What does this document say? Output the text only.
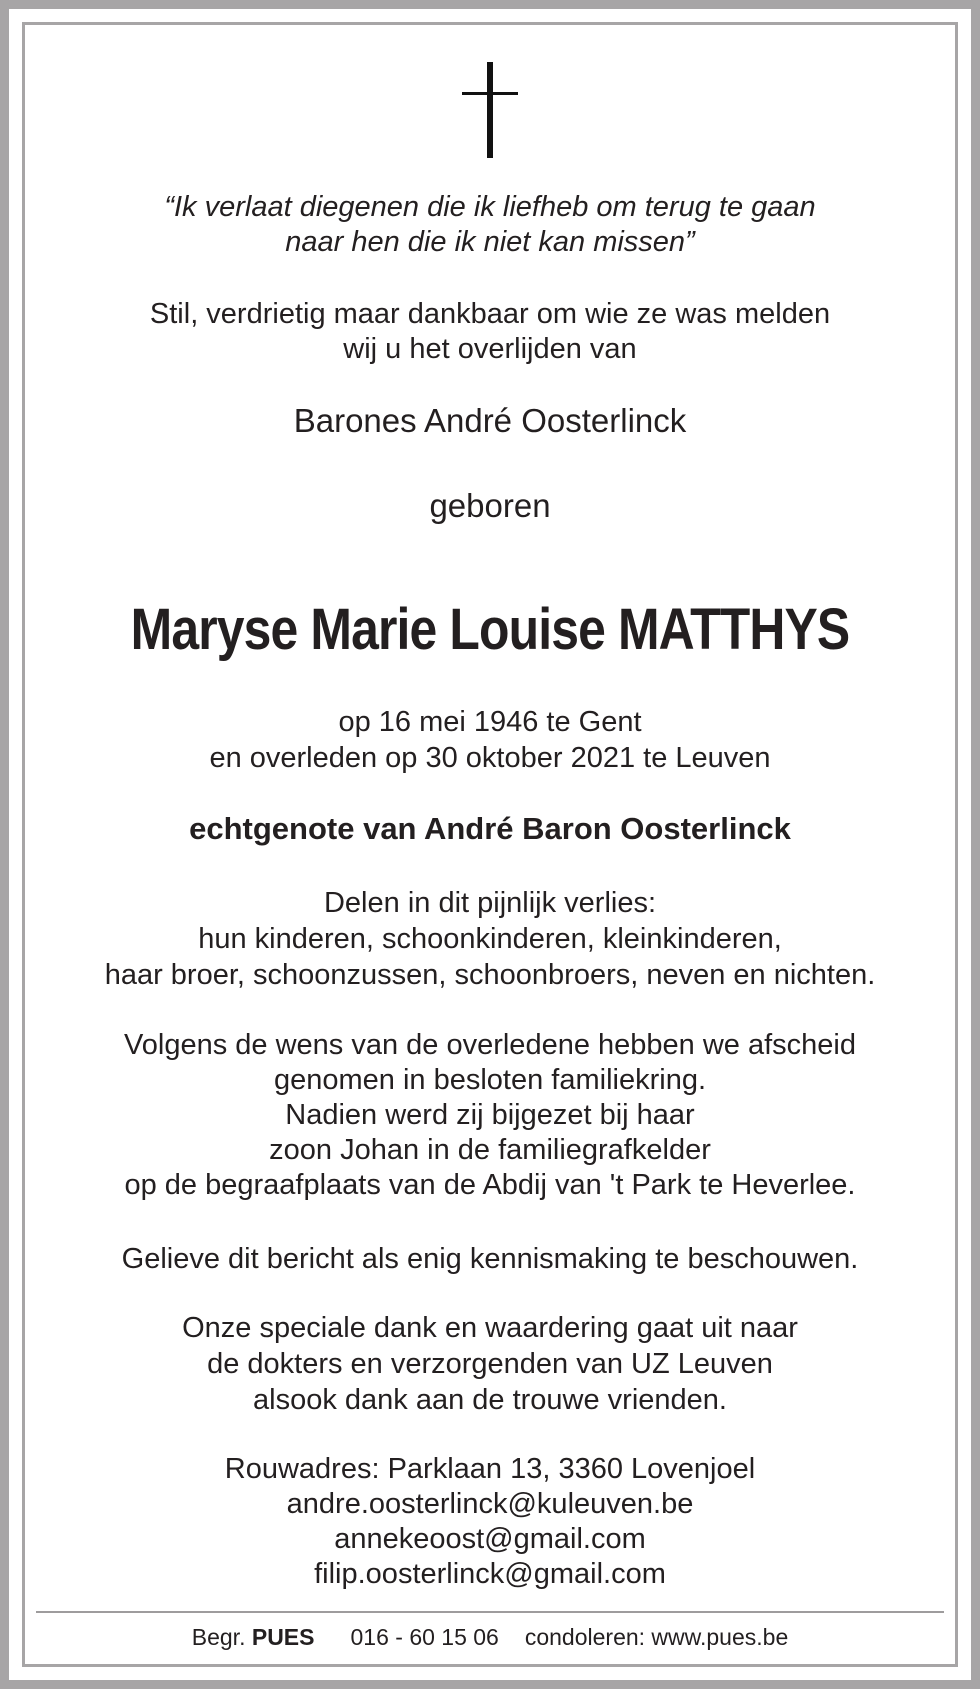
“Ik verlaat diegenen die ik liefheb om terug te gaan
naar hen die ik niet kan missen”
Stil, verdrietig maar dankbaar om wie ze was melden
wij u het overlijden van
Barones André Oosterlinck
geboren
Maryse Marie Louise MATTHYS
op 16 mei 1946 te Gent
en overleden op 30 oktober 2021 te Leuven
echtgenote van André Baron Oosterlinck
Delen in dit pijnlijk verlies:
hun kinderen, schoonkinderen, kleinkinderen,
haar broer, schoonzussen, schoonbroers, neven en nichten.
Volgens de wens van de overledene hebben we afscheid
genomen in besloten familiekring.
Nadien werd zij bijgezet bij haar
zoon Johan in de familiegrafkelder
op de begraafplaats van de Abdij van 't Park te Heverlee.
Gelieve dit bericht als enig kennismaking te beschouwen.
Onze speciale dank en waardering gaat uit naar
de dokters en verzorgenden van UZ Leuven
alsook dank aan de trouwe vrienden.
Rouwadres: Parklaan 13, 3360 Lovenjoel
andre.oosterlinck@kuleuven.be
annekeoost@gmail.com
filip.oosterlinck@gmail.com
Begr. PUES 016 - 60 15 06 condoleren: www.pues.be
